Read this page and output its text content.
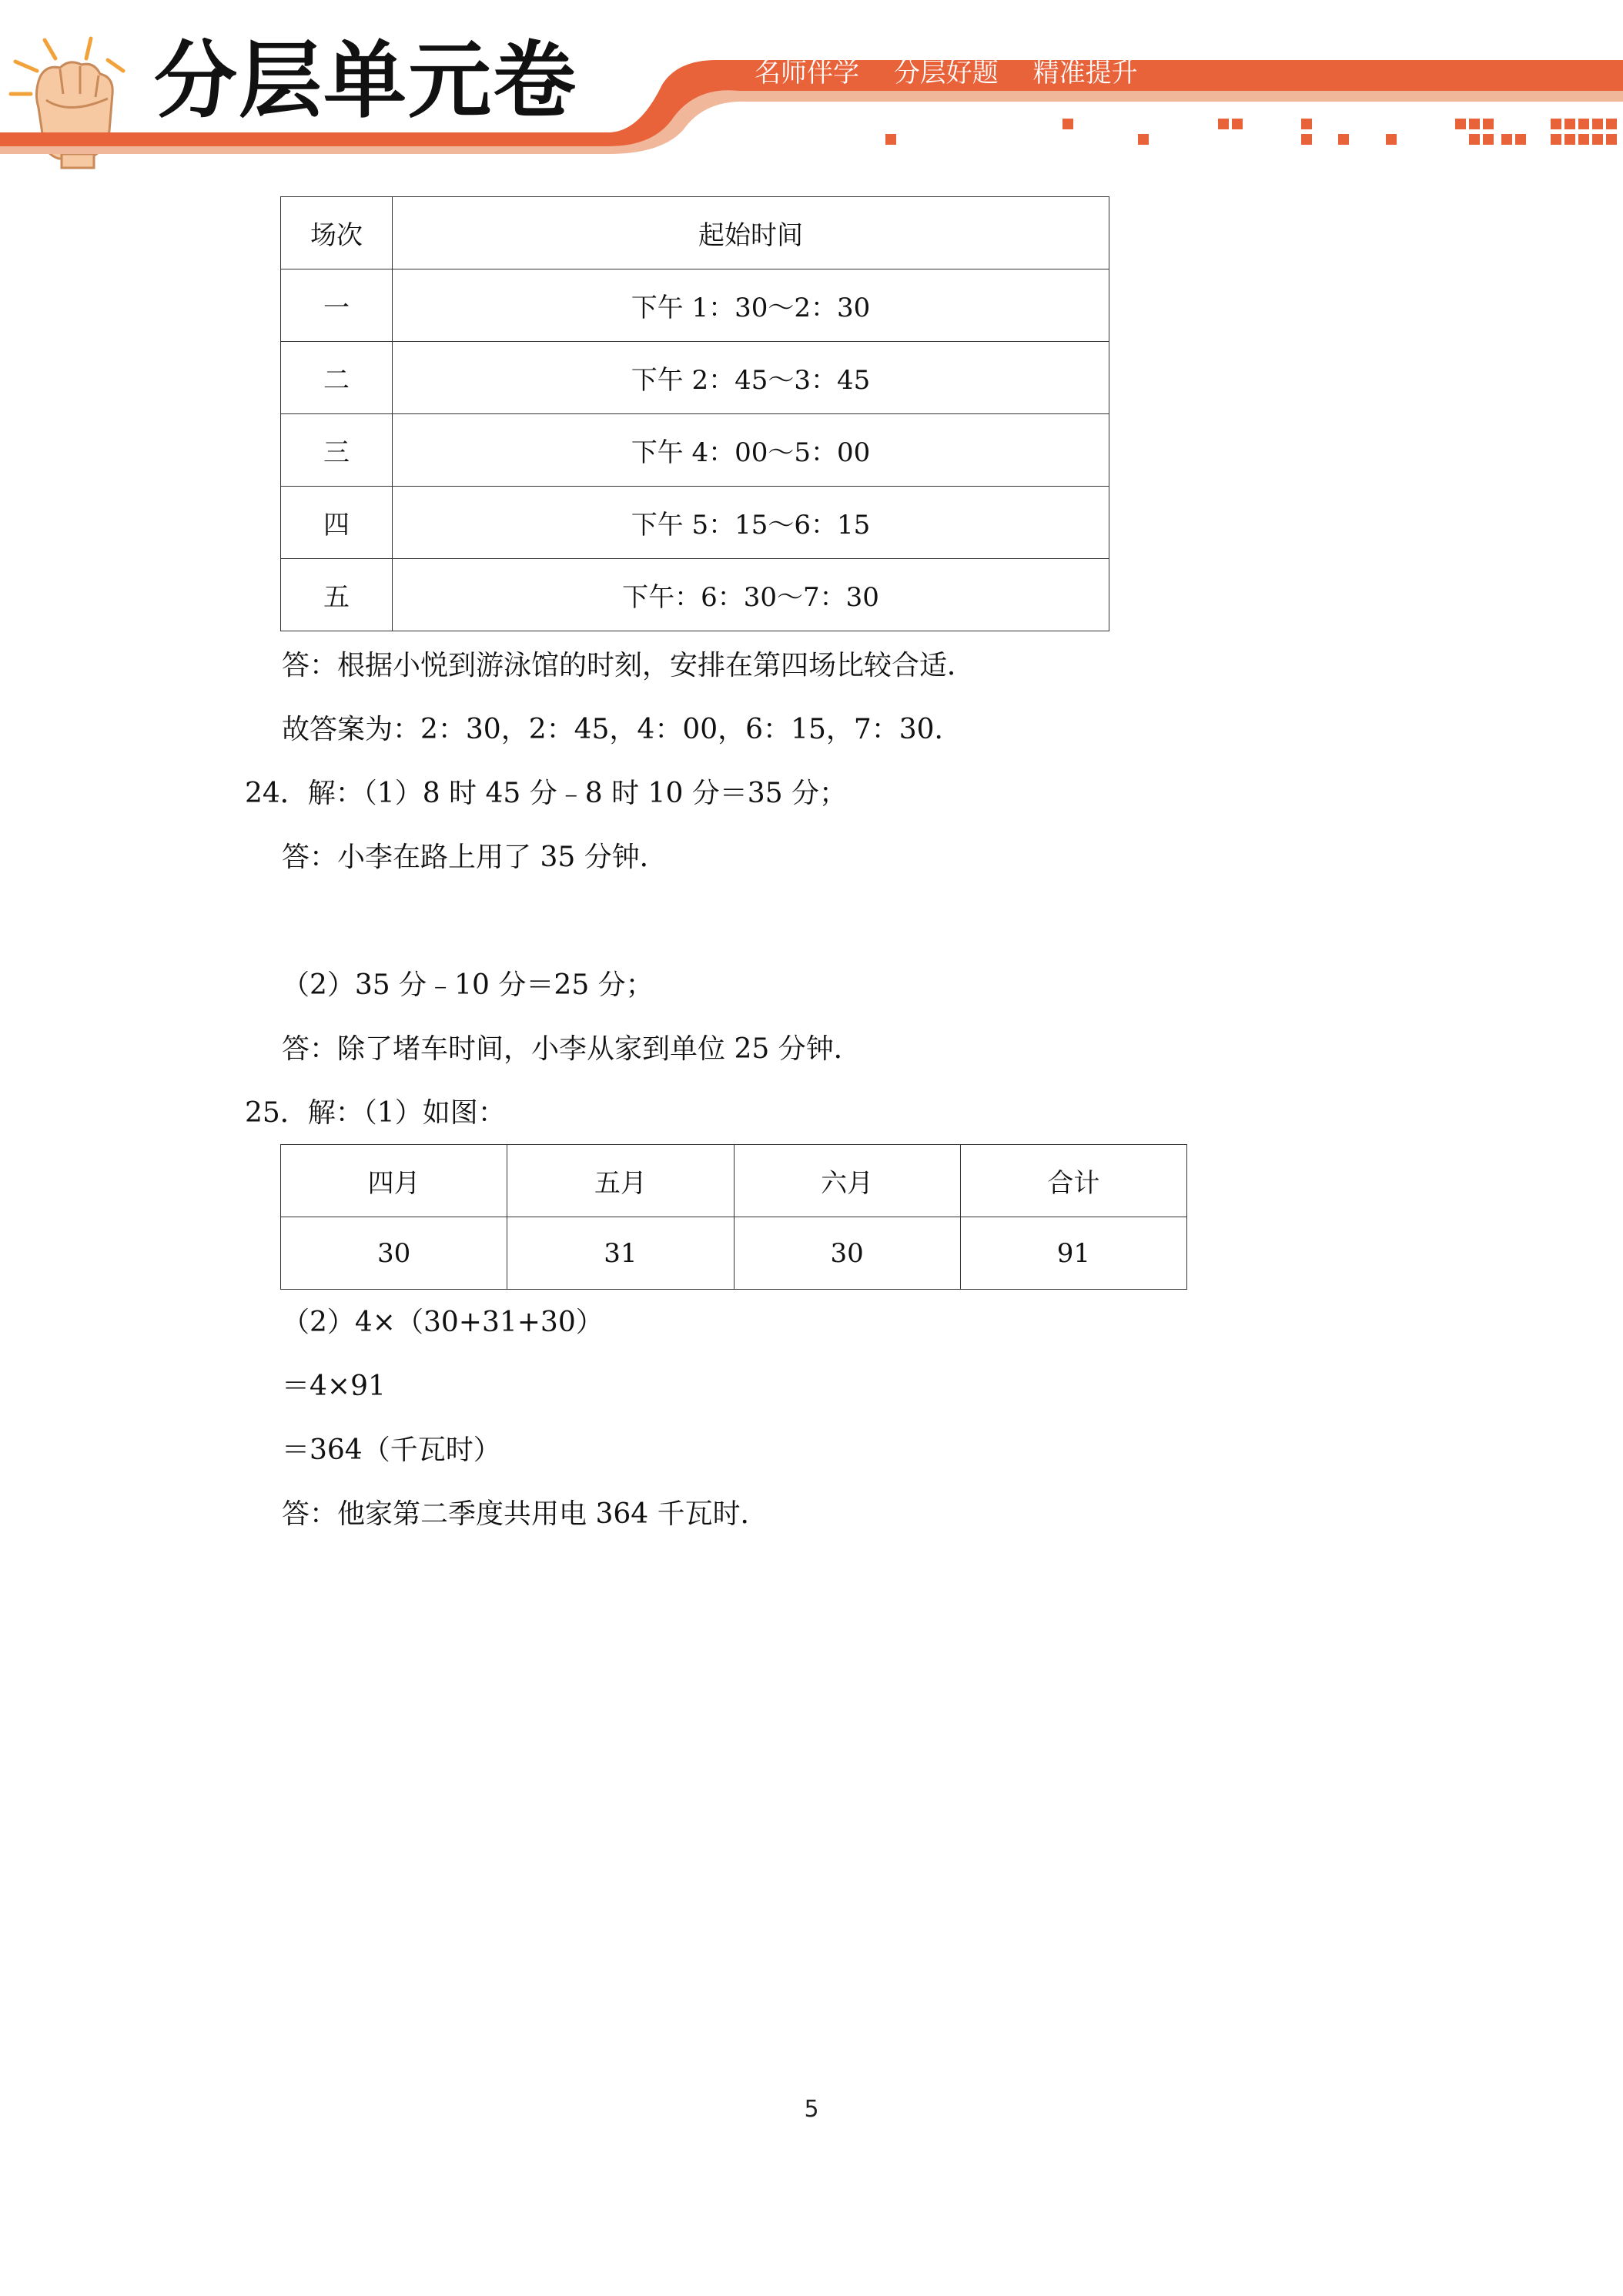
分层单元卷	名师伴学 分层好题 精准提升
场次	起始时间
一	下午 1：30～2：30
二	下午 2：45～3：45
三	下午 4：00～5：00
四	下午 5：15～6：15
五	下午：6：30～7：30
答：根据小悦到游泳馆的时刻，安排在第四场比较合适．
故答案为：2：30，2：45，4：00，6：15，7：30．
24．解：（1）8 时 45 分﹣8 时 10 分＝35 分；
答：小李在路上用了 35 分钟．
（2）35 分﹣10 分＝25 分；
答：除了堵车时间，小李从家到单位 25 分钟．
25．解：（1）如图：
四月	五月	六月	合计
30	31	30	91
（2）4×（30+31+30）
＝4×91
＝364（千瓦时）
答：他家第二季度共用电 364 千瓦时．
5
